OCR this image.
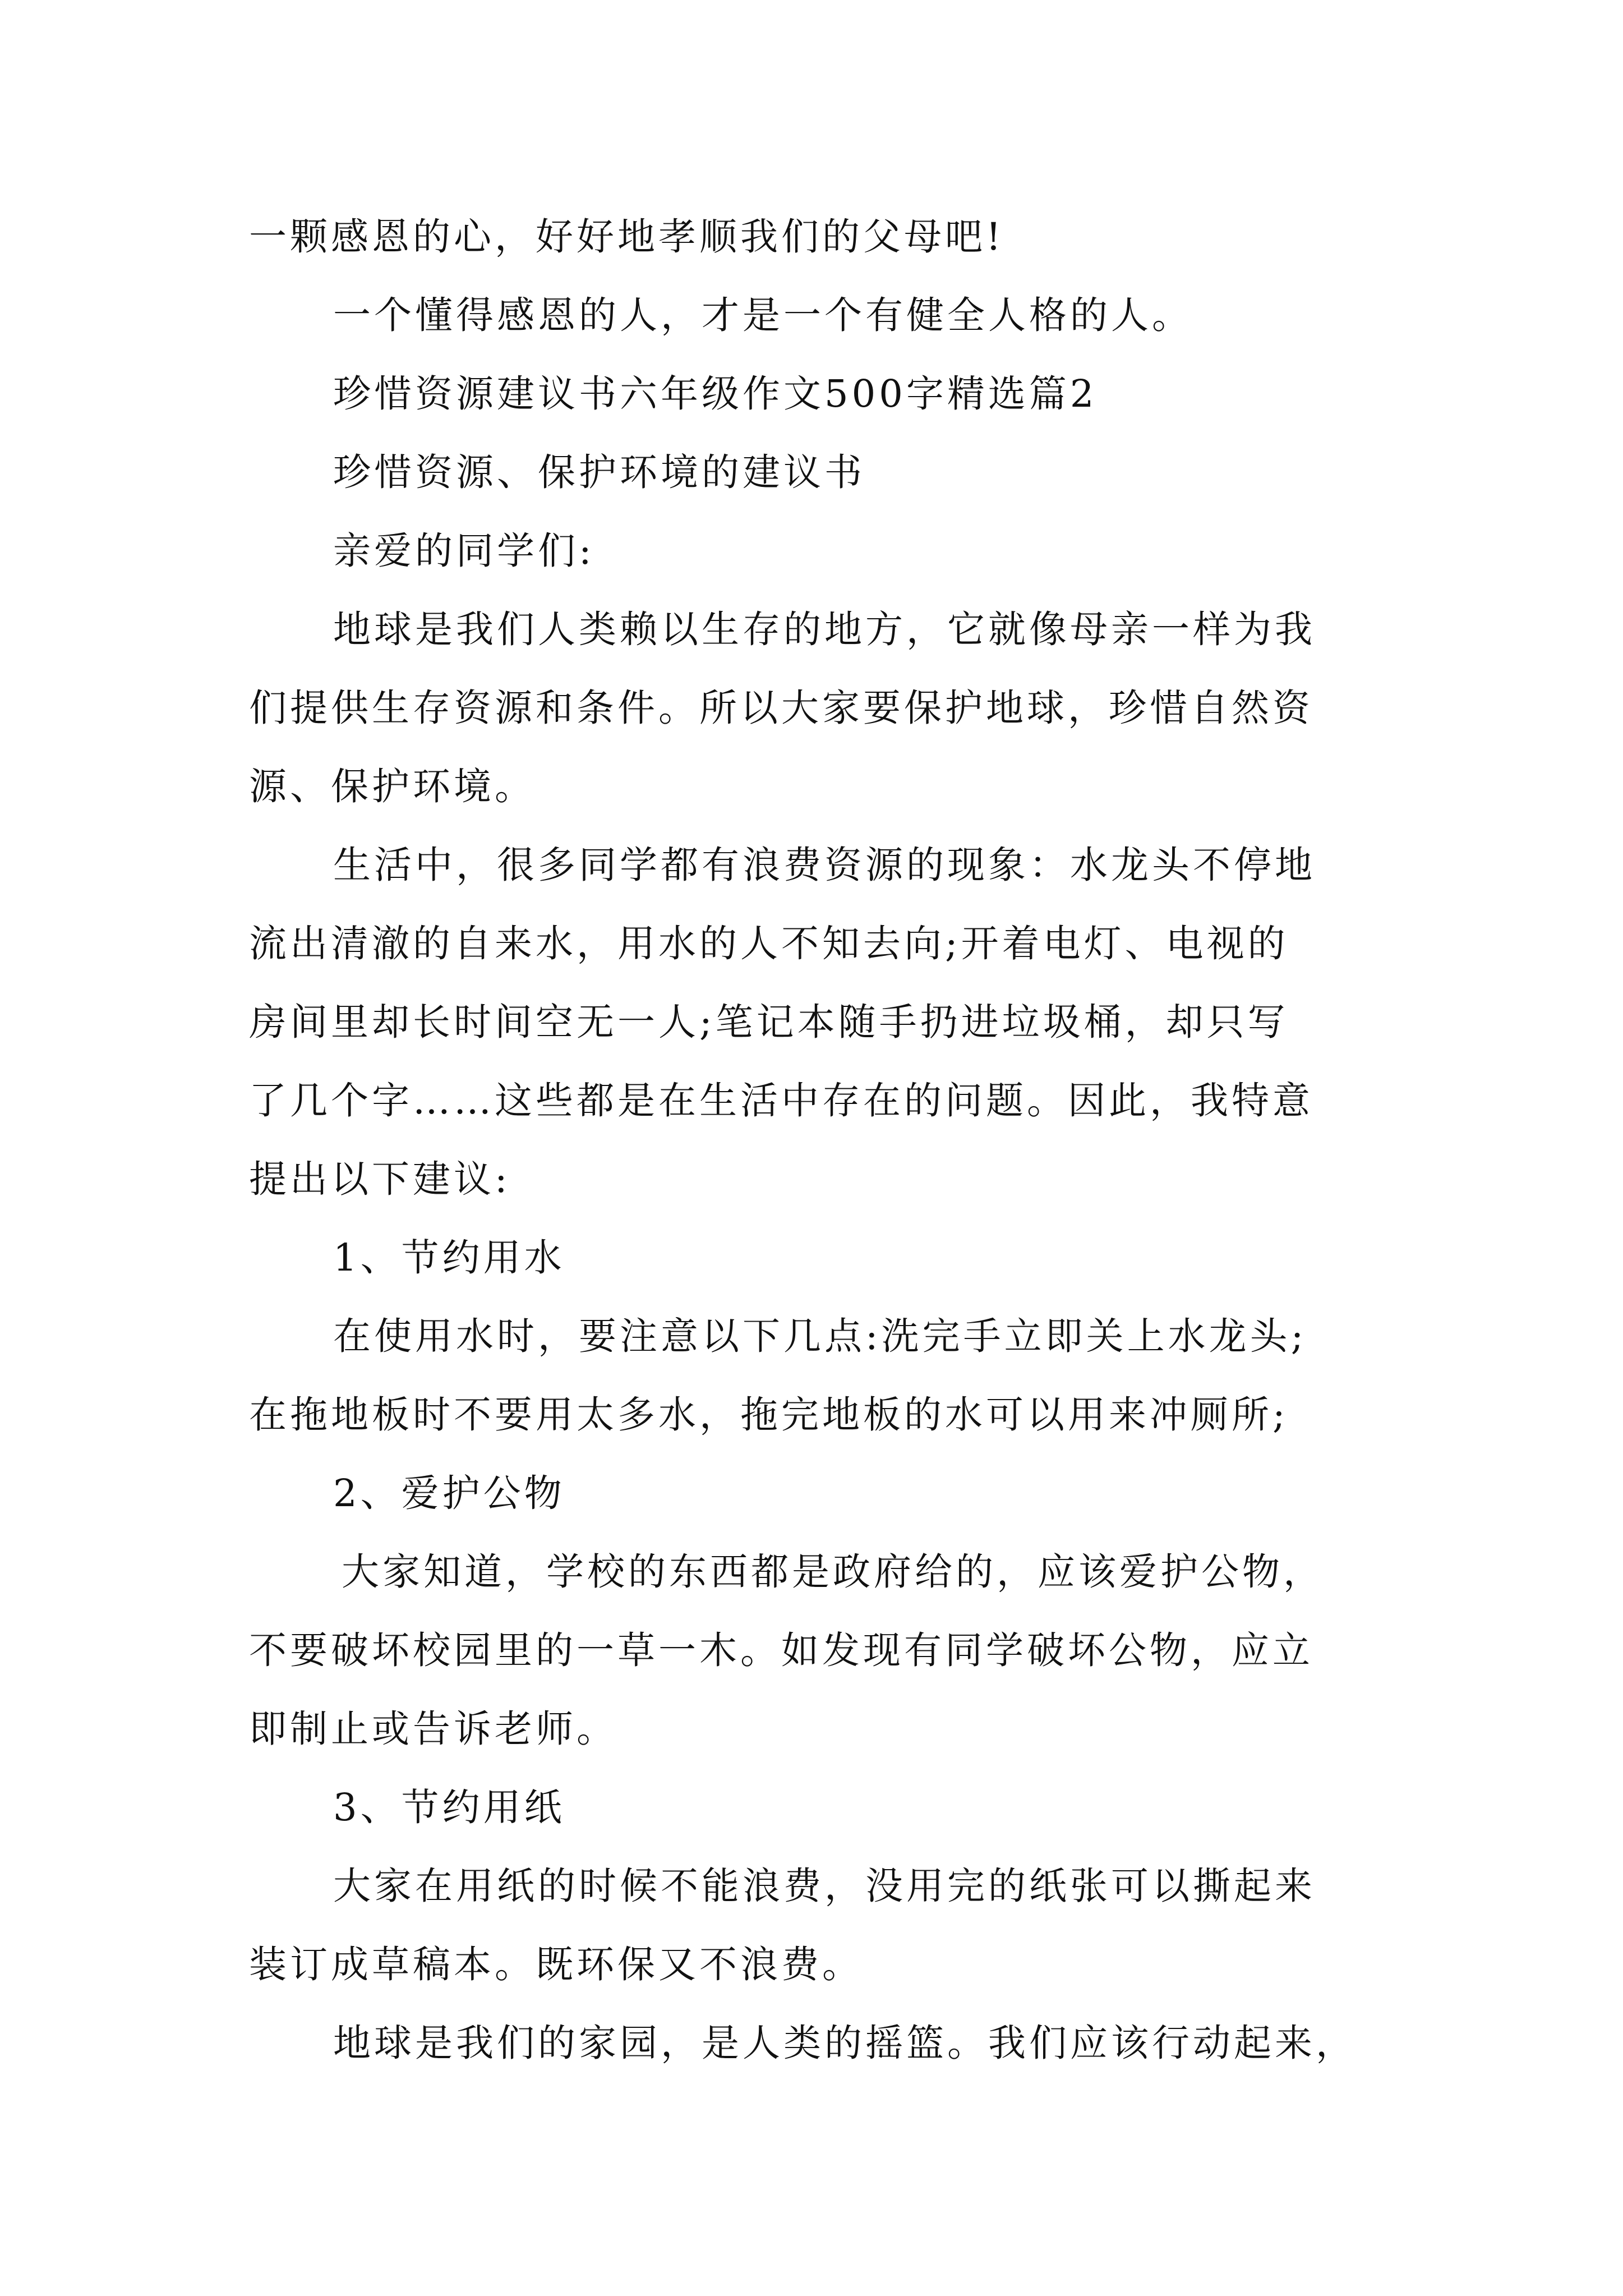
一颗感恩的心，好好地孝顺我们的父母吧!
一个懂得感恩的人，才是一个有健全人格的人。
珍惜资源建议书六年级作文500字精选篇2
珍惜资源、保护环境的建议书
亲爱的同学们:
地球是我们人类赖以生存的地方，它就像母亲一样为我
们提供生存资源和条件。所以大家要保护地球，珍惜自然资
源、保护环境。
生活中，很多同学都有浪费资源的现象：水龙头不停地
流出清澈的自来水，用水的人不知去向;开着电灯、电视的
房间里却长时间空无一人;笔记本随手扔进垃圾桶，却只写
了几个字……这些都是在生活中存在的问题。因此，我特意
提出以下建议:
1、节约用水
在使用水时，要注意以下几点:洗完手立即关上水龙头;
在拖地板时不要用太多水，拖完地板的水可以用来冲厕所;
2、爱护公物
大家知道，学校的东西都是政府给的，应该爱护公物，
不要破坏校园里的一草一木。如发现有同学破坏公物，应立
即制止或告诉老师。
3、节约用纸
大家在用纸的时候不能浪费，没用完的纸张可以撕起来
装订成草稿本。既环保又不浪费。
地球是我们的家园，是人类的摇篮。我们应该行动起来，
